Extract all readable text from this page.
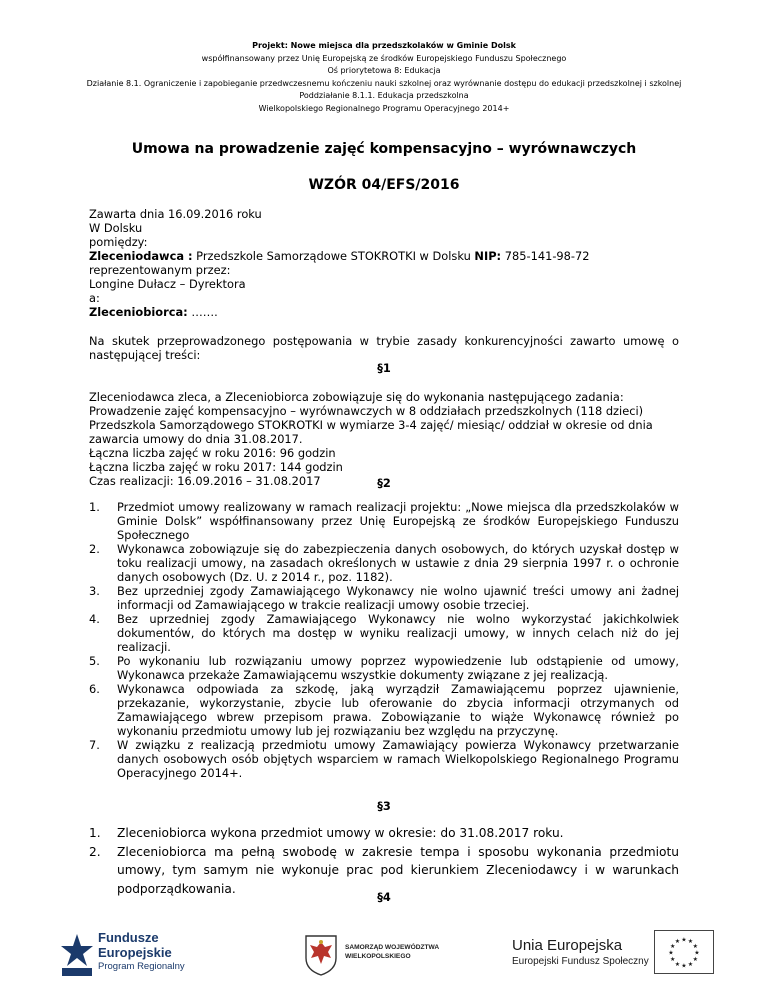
Projekt: Nowe miejsca dla przedszkolaków w Gminie Dolsk
współfinansowany przez Unię Europejską ze środków Europejskiego Funduszu Społecznego
Oś priorytetowa 8: Edukacja
Działanie 8.1. Ograniczenie i zapobieganie przedwczesnemu kończeniu nauki szkolnej oraz wyrównanie dostępu do edukacji przedszkolnej i szkolnej
Poddziałanie 8.1.1. Edukacja przedszkolna
Wielkopolskiego Regionalnego Programu Operacyjnego 2014+
Umowa na prowadzenie zajęć kompensacyjno – wyrównawczych
WZÓR 04/EFS/2016

Zawarta dnia 16.09.2016 roku

W Dolsku

pomiędzy:

Zleceniodawca : Przedszkole Samorządowe STOKROTKI w Dolsku NIP: 785-141-98-72

reprezentowanym przez:

Longine Dułacz – Dyrektora

a:

Zleceniobiorca: …….

Na skutek przeprowadzonego postępowania w trybie zasady konkurencyjności zawarto umowę o następującej treści:
§1

Zleceniodawca zleca, a Zleceniobiorca zobowiązuje się do wykonania następującego zadania:

Prowadzenie zajęć kompensacyjno – wyrównawczych w 8 oddziałach przedszkolnych (118 dzieci)

Przedszkola Samorządowego STOKROTKI w wymiarze 3-4 zajęć/ miesiąc/ oddział w okresie od dnia

zawarcia umowy do dnia 31.08.2017.

Łączna liczba zajęć w roku 2016: 96 godzin

Łączna liczba zajęć w roku 2017: 144 godzin

Czas realizacji: 16.09.2016 – 31.08.2017	§2
1. Przedmiot umowy realizowany w ramach realizacji projektu: „Nowe miejsca dla przedszkolaków w Gminie Dolsk” współfinansowany przez Unię Europejską ze środków Europejskiego Funduszu Społecznego
2. Wykonawca zobowiązuje się do zabezpieczenia danych osobowych, do których uzyskał dostęp w toku realizacji umowy, na zasadach określonych w ustawie z dnia 29 sierpnia 1997 r. o ochronie danych osobowych (Dz. U. z 2014 r., poz. 1182).
3. Bez uprzedniej zgody Zamawiającego Wykonawcy nie wolno ujawnić treści umowy ani żadnej informacji od Zamawiającego w trakcie realizacji umowy osobie trzeciej.
4. Bez uprzedniej zgody Zamawiającego Wykonawcy nie wolno wykorzystać jakichkolwiek dokumentów, do których ma dostęp w wyniku realizacji umowy, w innych celach niż do jej realizacji.
5. Po wykonaniu lub rozwiązaniu umowy poprzez wypowiedzenie lub odstąpienie od umowy, Wykonawca przekaże Zamawiającemu wszystkie dokumenty związane z jej realizacją.
6. Wykonawca odpowiada za szkodę, jaką wyrządził Zamawiającemu poprzez ujawnienie, przekazanie, wykorzystanie, zbycie lub oferowanie do zbycia informacji otrzymanych od Zamawiającego wbrew przepisom prawa. Zobowiązanie to wiąże Wykonawcę również po wykonaniu przedmiotu umowy lub jej rozwiązaniu bez względu na przyczynę.
7. W związku z realizacją przedmiotu umowy Zamawiający powierza Wykonawcy przetwarzanie danych osobowych osób objętych wsparciem w ramach Wielkopolskiego Regionalnego Programu Operacyjnego 2014+.
§3
1. Zleceniobiorca wykona przedmiot umowy w okresie: do 31.08.2017 roku.
2. Zleceniobiorca ma pełną swobodę w zakresie tempa i sposobu wykonania przedmiotu umowy, tym samym nie wykonuje prac pod kierunkiem Zleceniodawcy i w warunkach podporządkowania.
§4
Fundusze
Europejskie
Program Regionalny
SAMORZĄD WOJEWÓDZTWA
WIELKOPOLSKIEGO
Unia Europejska
Europejski Fundusz Społeczny
★ ★
★
★
★
★
★
★
★
★
★
★
